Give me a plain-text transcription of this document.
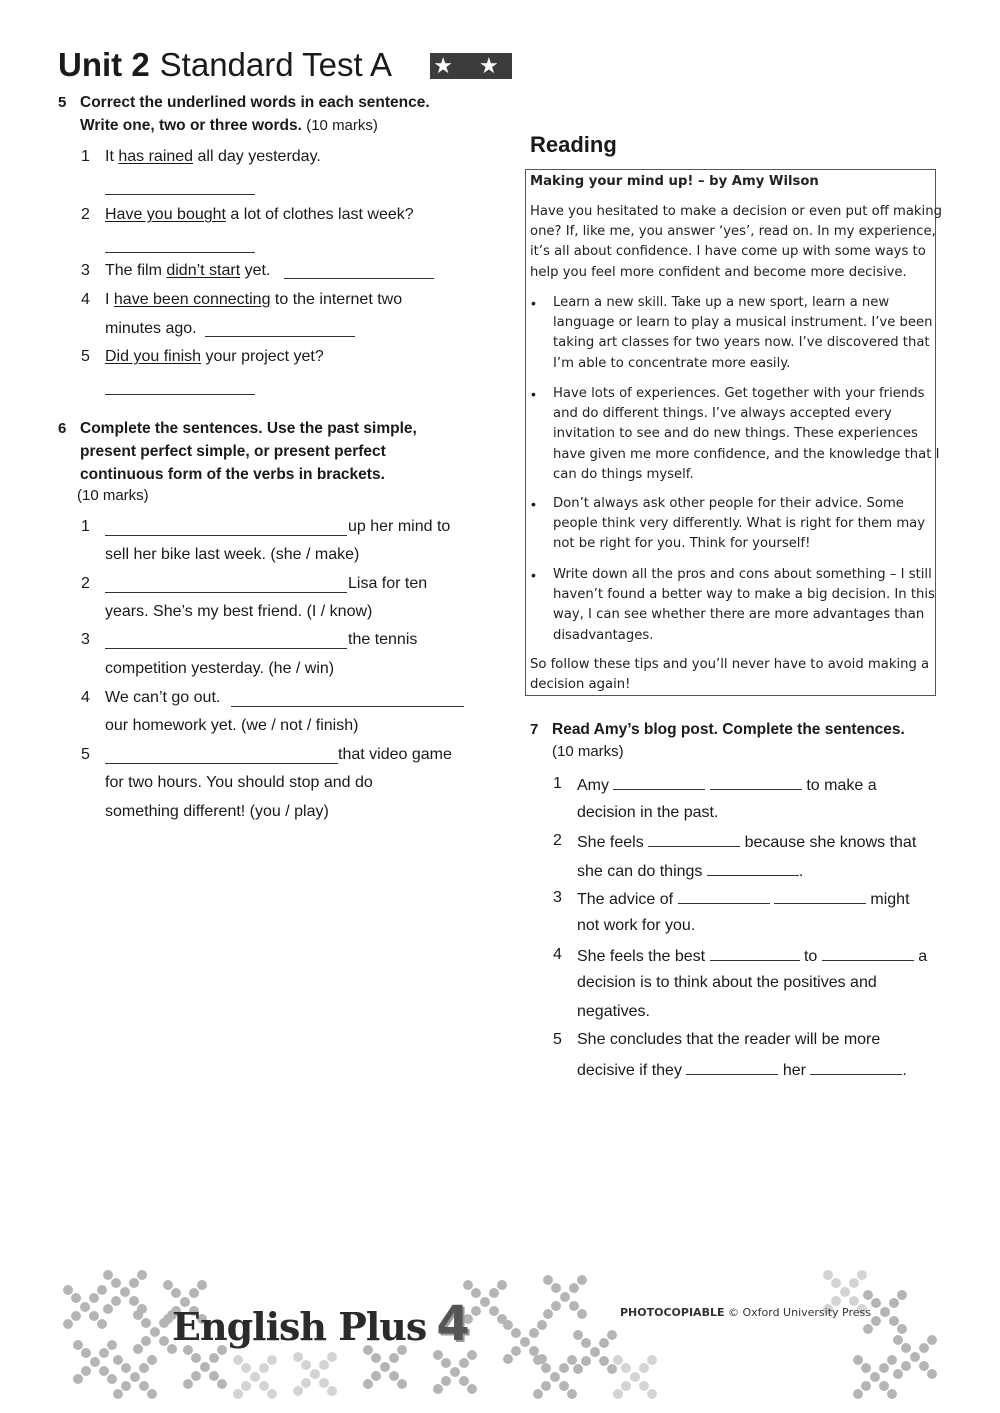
Unit 2 Standard Test A ★ ★
5 Correct the underlined words in each sentence.
Write one, two or three words. (10 marks)
1 It has rained all day yesterday.
2 Have you bought a lot of clothes last week?
3 The film didn’t start yet.
4 I have been connecting to the internet two
minutes ago.
5 Did you finish your project yet?
6 Complete the sentences. Use the past simple,
present perfect simple, or present perfect
continuous form of the verbs in brackets.
(10 marks)
1	up her mind to
sell her bike last week. (she / make)
2	Lisa for ten
years. She’s my best friend. (I / know)
3	the tennis
competition yesterday. (he / win)
4 We can’t go out.
our homework yet. (we / not / finish)
5	that video game
for two hours. You should stop and do
something different! (you / play)
Reading
Making your mind up! – by Amy Wilson
Have you hesitated to make a decision or even put off making
one? If, like me, you answer ‘yes’, read on. In my experience,
it’s all about confidence. I have come up with some ways to
help you feel more confident and become more decisive.
• Learn a new skill. Take up a new sport, learn a new
language or learn to play a musical instrument. I’ve been
taking art classes for two years now. I’ve discovered that
I’m able to concentrate more easily.
• Have lots of experiences. Get together with your friends
and do different things. I’ve always accepted every
invitation to see and do new things. These experiences
have given me more confidence, and the knowledge that I
can do things myself.
• Don’t always ask other people for their advice. Some
people think very differently. What is right for them may
not be right for you. Think for yourself!
• Write down all the pros and cons about something – I still
haven’t found a better way to make a big decision. In this
way, I can see whether there are more advantages than
disadvantages.
So follow these tips and you’ll never have to avoid making a
decision again!
7 Read Amy’s blog post. Complete the sentences.
(10 marks)
1 Amy	to make a
decision in the past.
2 She feels	because she knows that
she can do things	.
3 The advice of	might
not work for you.
4 She feels the best	to	a
decision is to think about the positives and
negatives.
5 She concludes that the reader will be more
decisive if they	her	.
English Plus 4	PHOTOCOPIABLE © Oxford University Press
